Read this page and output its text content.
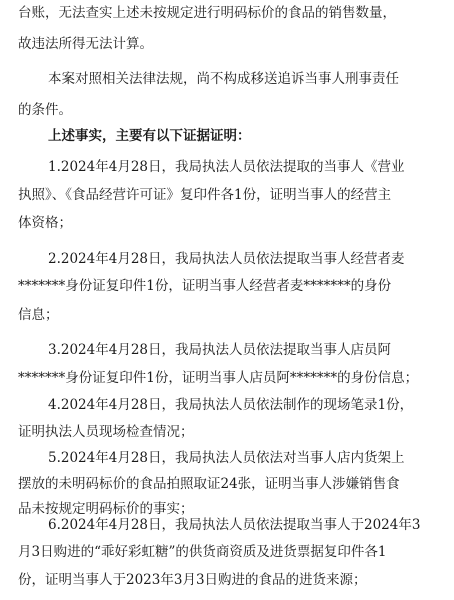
台账，无法查实上述未按规定进行明码标价的食品的销售数量，
故违法所得无法计算。
本案对照相关法律法规，尚不构成移送追诉当事人刑事责任
的条件。
上述事实，主要有以下证据证明：
1.2024年4月28日，我局执法人员依法提取的当事人《营业
执照》、《食品经营许可证》复印件各1份，证明当事人的经营主
体资格；
2.2024年4月28日，我局执法人员依法提取当事人经营者麦
*******身份证复印件1份，证明当事人经营者麦*******的身份
信息；
3.2024年4月28日，我局执法人员依法提取当事人店员阿
*******身份证复印件1份，证明当事人店员阿*******的身份信息；
4.2024年4月28日，我局执法人员依法制作的现场笔录1份，
证明执法人员现场检查情况；
5.2024年4月28日，我局执法人员依法对当事人店内货架上
摆放的未明码标价的食品拍照取证24张，证明当事人涉嫌销售食
品未按规定明码标价的事实；
6.2024年4月28日，我局执法人员依法提取当事人于2024年3
月3日购进的“乖好彩虹糖”的供货商资质及进货票据复印件各1
份，证明当事人于2023年3月3日购进的食品的进货来源；
